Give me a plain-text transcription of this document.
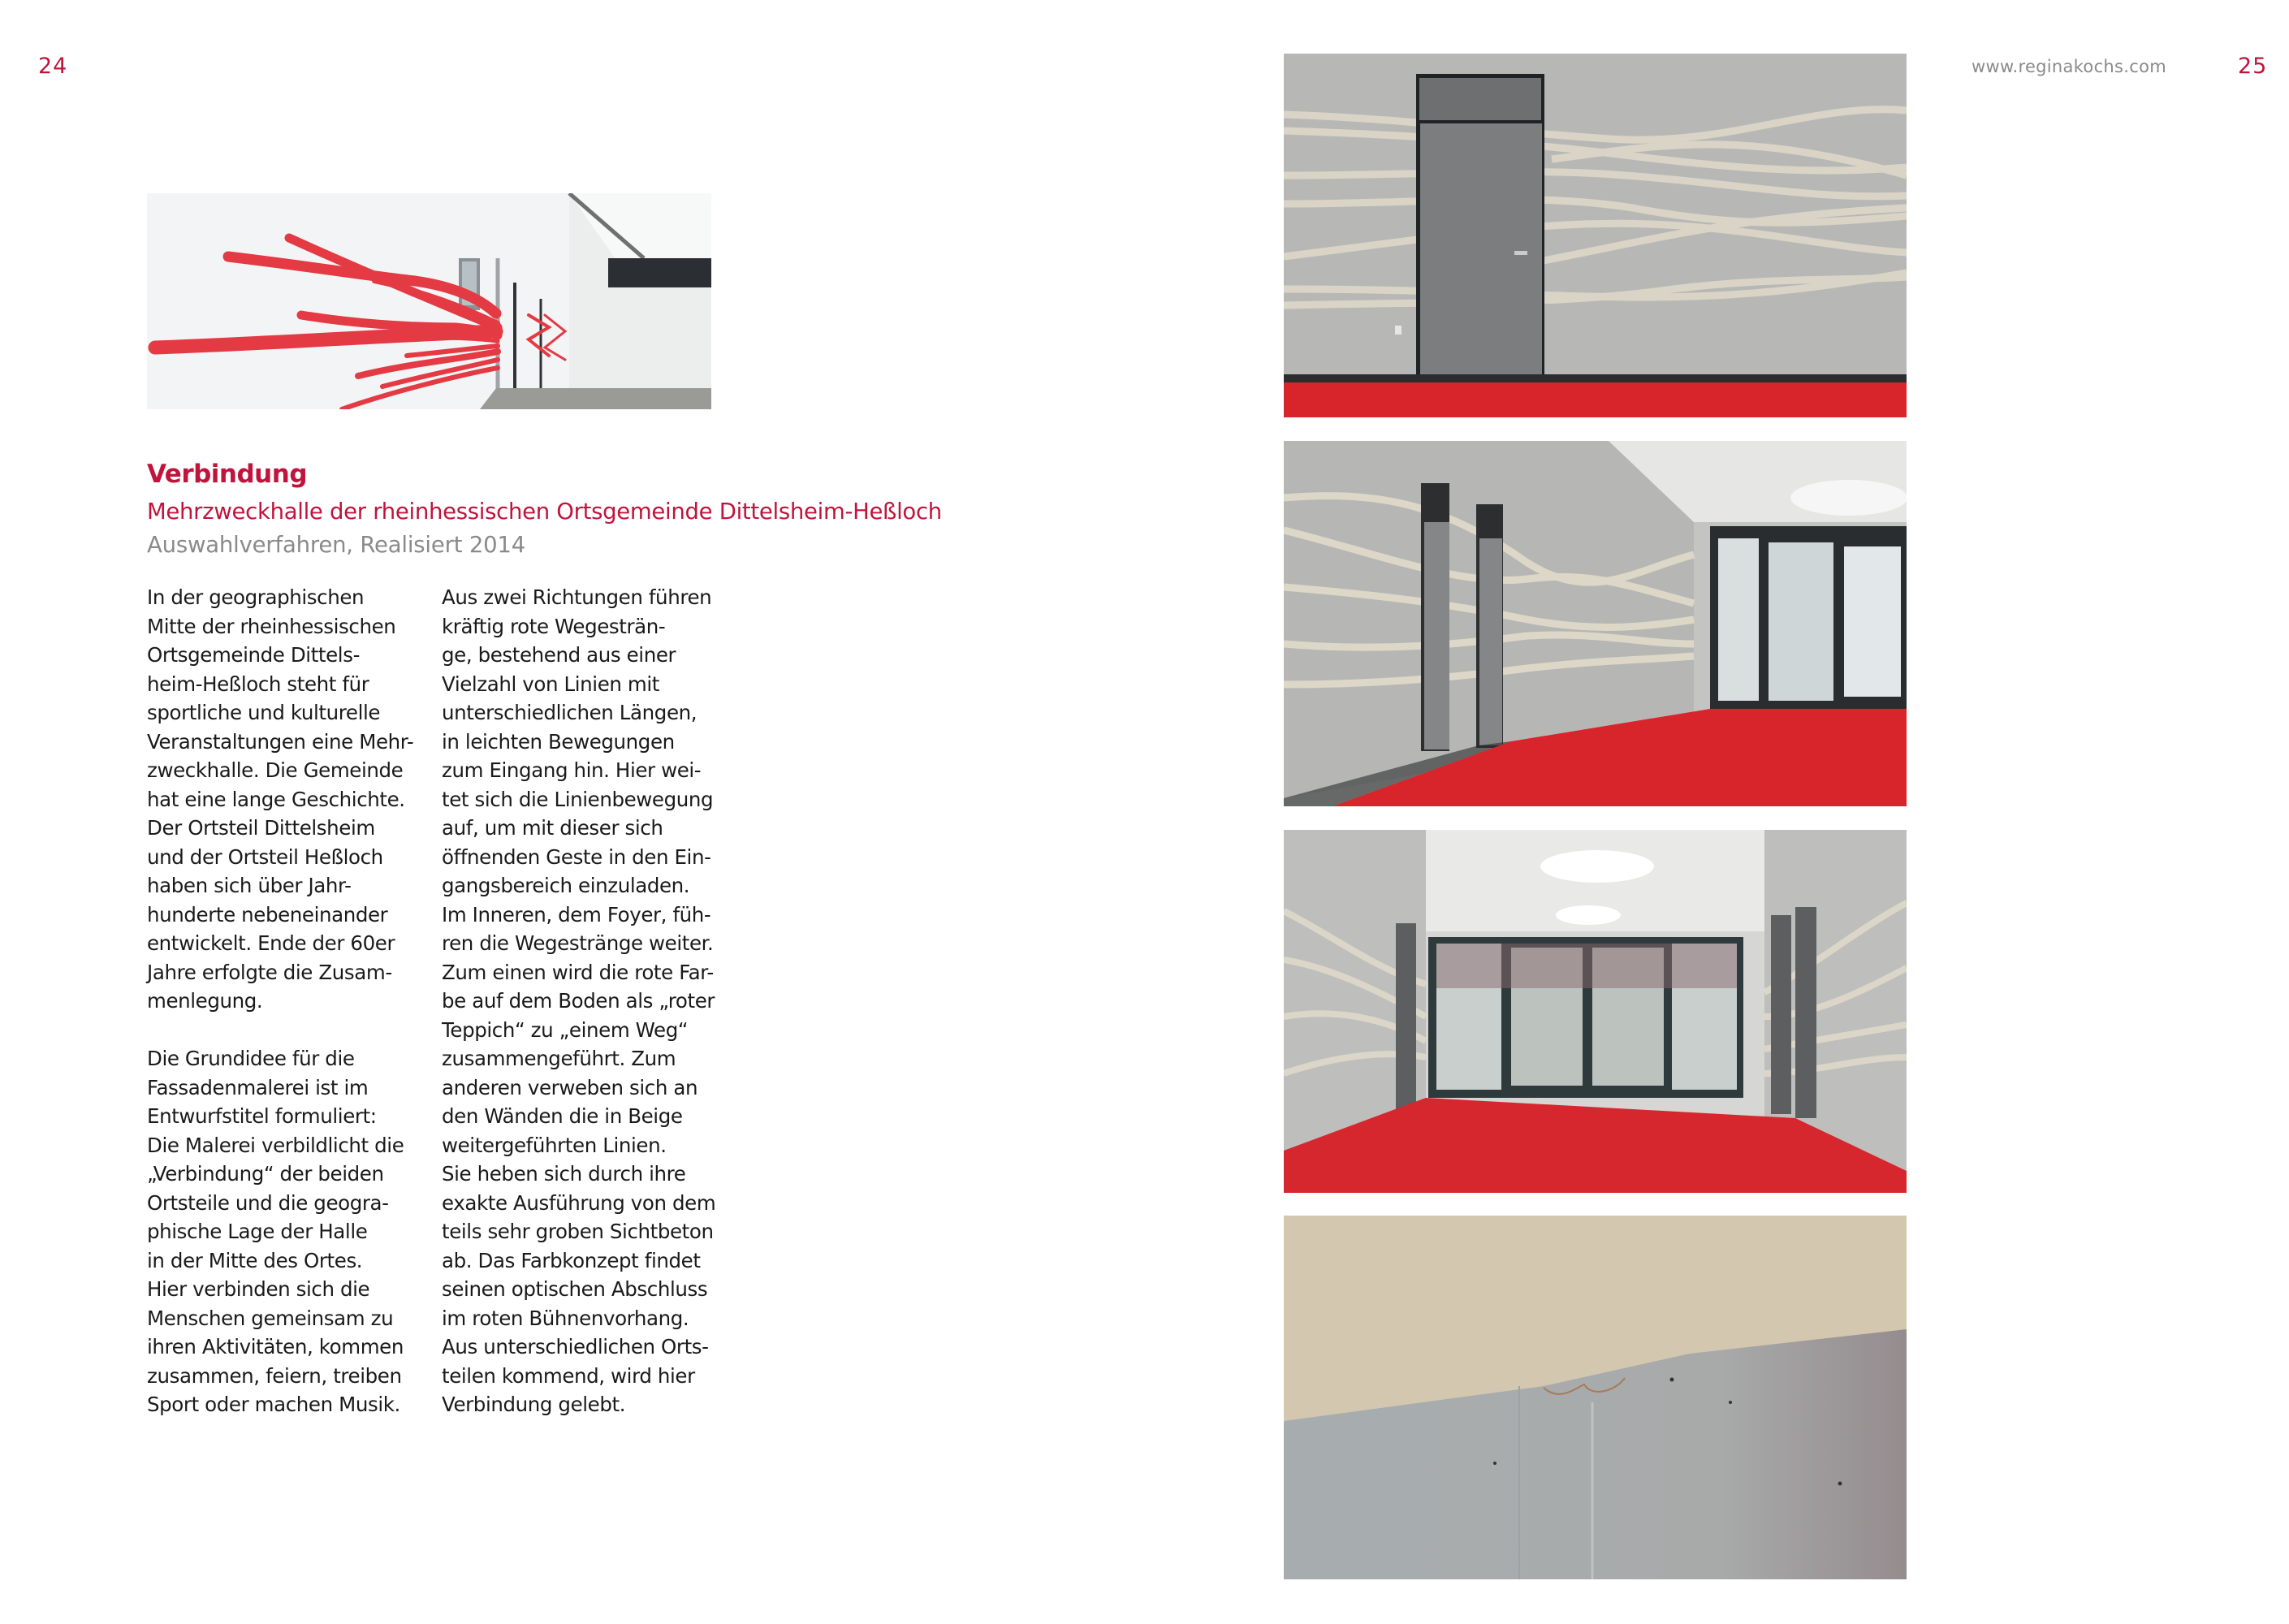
24	www.reginakochs.com	25
Verbindung
Mehrzweckhalle der rheinhessischen Ortsgemeinde Dittelsheim-Heßloch
Auswahlverfahren, Realisiert 2014
In der geographischen
Mitte der rheinhessischen
Ortsgemeinde Dittels-
heim-Heßloch steht für
sportliche und kulturelle
Veranstaltungen eine Mehr-
zweckhalle. Die Gemeinde
hat eine lange Geschichte.
Der Ortsteil Dittelsheim
und der Ortsteil Heßloch
haben sich über Jahr-
hunderte nebeneinander
entwickelt. Ende der 60er
Jahre erfolgte die Zusam-
menlegung.
Die Grundidee für die
Fassadenmalerei ist im
Entwurfstitel formuliert:
Die Malerei verbildlicht die
„Verbindung“ der beiden
Ortsteile und die geogra-
phische Lage der Halle
in der Mitte des Ortes.
Hier verbinden sich die
Menschen gemeinsam zu
ihren Aktivitäten, kommen
zusammen, feiern, treiben
Sport oder machen Musik.
Aus zwei Richtungen führen
kräftig rote Wegesträn-
ge, bestehend aus einer
Vielzahl von Linien mit
unterschiedlichen Längen,
in leichten Bewegungen
zum Eingang hin. Hier wei-
tet sich die Linienbewegung
auf, um mit dieser sich
öffnenden Geste in den Ein-
gangsbereich einzuladen.
Im Inneren, dem Foyer, füh-
ren die Wegestränge weiter.
Zum einen wird die rote Far-
be auf dem Boden als „roter
Teppich“ zu „einem Weg“
zusammengeführt. Zum
anderen verweben sich an
den Wänden die in Beige
weitergeführten Linien.
Sie heben sich durch ihre
exakte Ausführung von dem
teils sehr groben Sichtbeton
ab. Das Farbkonzept findet
seinen optischen Abschluss
im roten Bühnenvorhang.
Aus unterschiedlichen Orts-
teilen kommend, wird hier
Verbindung gelebt.
